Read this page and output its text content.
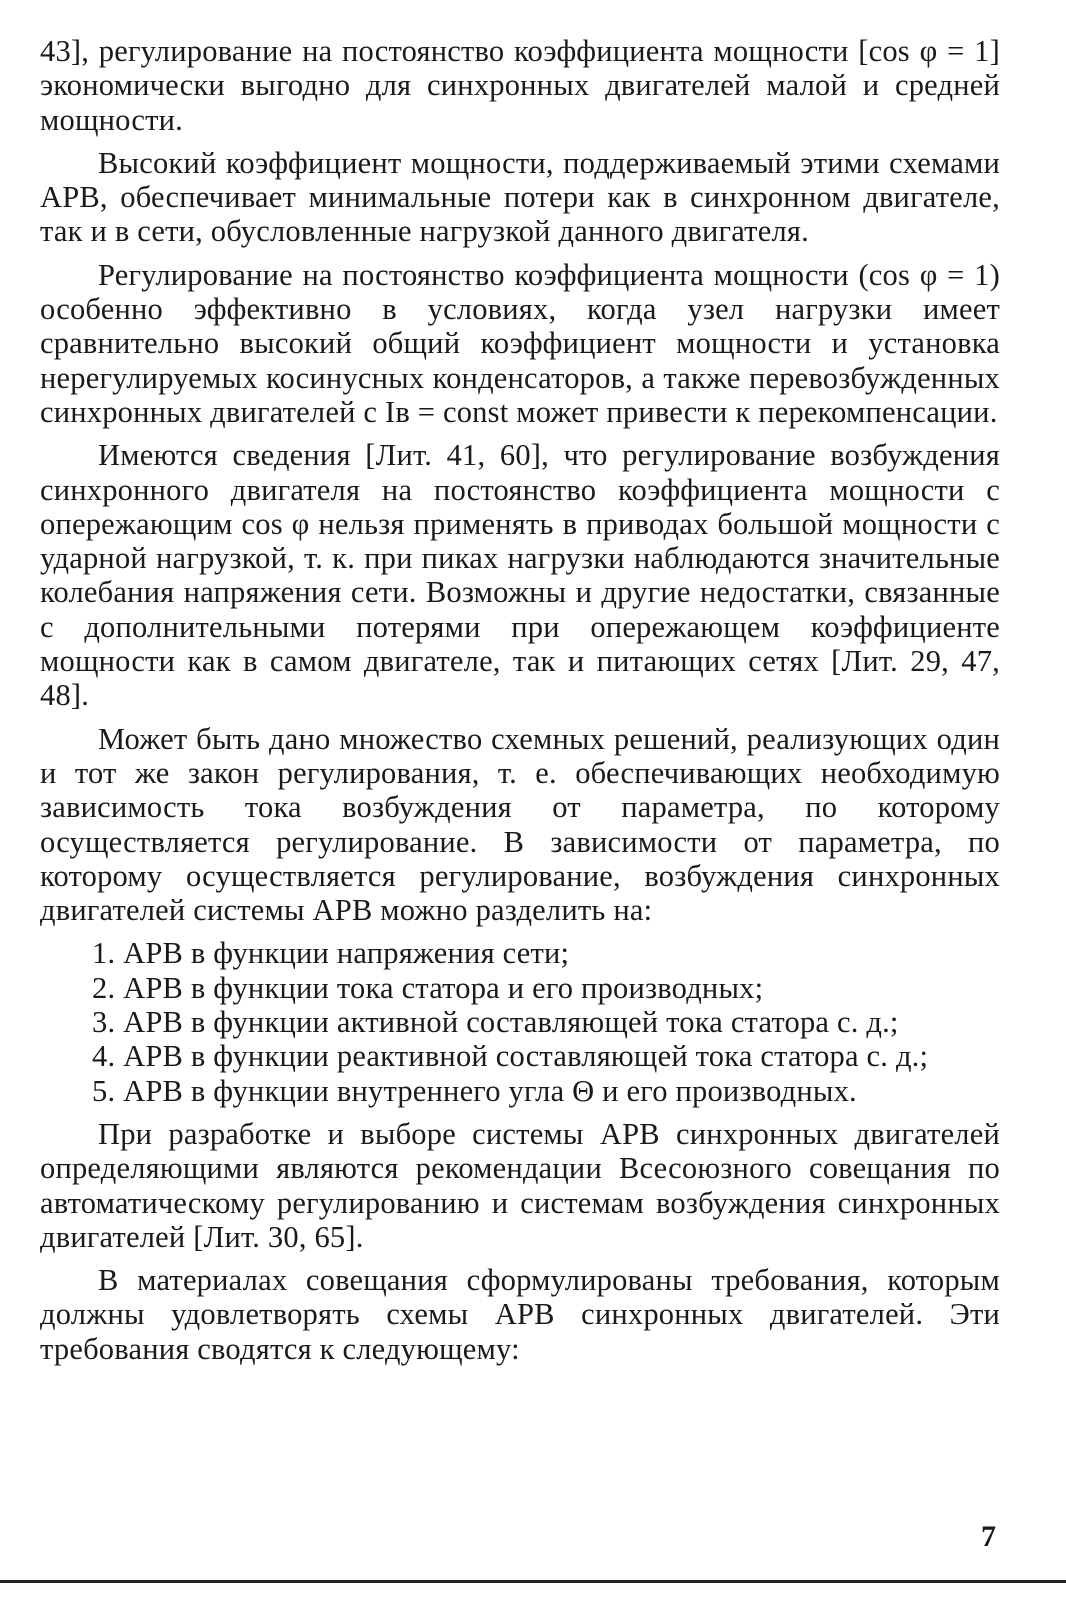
43], регулирование на постоянство коэффициента мощности [cos φ = 1] экономически выгодно для синхронных двигателей малой и средней мощности.

Высокий коэффициент мощности, поддерживаемый этими схемами АРВ, обеспечивает минимальные потери как в синхронном двигателе, так и в сети, обусловленные нагрузкой данного двигателя.

Регулирование на постоянство коэффициента мощности (cos φ = 1) особенно эффективно в условиях, когда узел нагрузки имеет сравнительно высокий общий коэффициент мощности и установка нерегулируемых косинусных конденсаторов, а также перевозбужденных синхронных двигателей с Iв = const может привести к перекомпенсации.

Имеются сведения [Лит. 41, 60], что регулирование возбуждения синхронного двигателя на постоянство коэффициента мощности с опережающим cos φ нельзя применять в приводах большой мощности с ударной нагрузкой, т. к. при пиках нагрузки наблюдаются значительные колебания напряжения сети. Возможны и другие недостатки, связанные с дополнительными потерями при опережающем коэффициенте мощности как в самом двигателе, так и питающих сетях [Лит. 29, 47, 48].

Может быть дано множество схемных решений, реализующих один и тот же закон регулирования, т. е. обеспечивающих необходимую зависимость тока возбуждения от параметра, по которому осуществляется регулирование. В зависимости от параметра, по которому осуществляется регулирование, возбуждения синхронных двигателей системы АРВ можно разделить на:

1. АРВ в функции напряжения сети;

2. АРВ в функции тока статора и его производных;

3. АРВ в функции активной составляющей тока статора с. д.;

4. АРВ в функции реактивной составляющей тока статора с. д.;

5. АРВ в функции внутреннего угла Θ и его производных.

При разработке и выборе системы АРВ синхронных двигателей определяющими являются рекомендации Всесоюзного совещания по автоматическому регулированию и системам возбуждения синхронных двигателей [Лит. 30, 65].

В материалах совещания сформулированы требования, которым должны удовлетворять схемы АРВ синхронных двигателей. Эти требования сводятся к следующему:

7
